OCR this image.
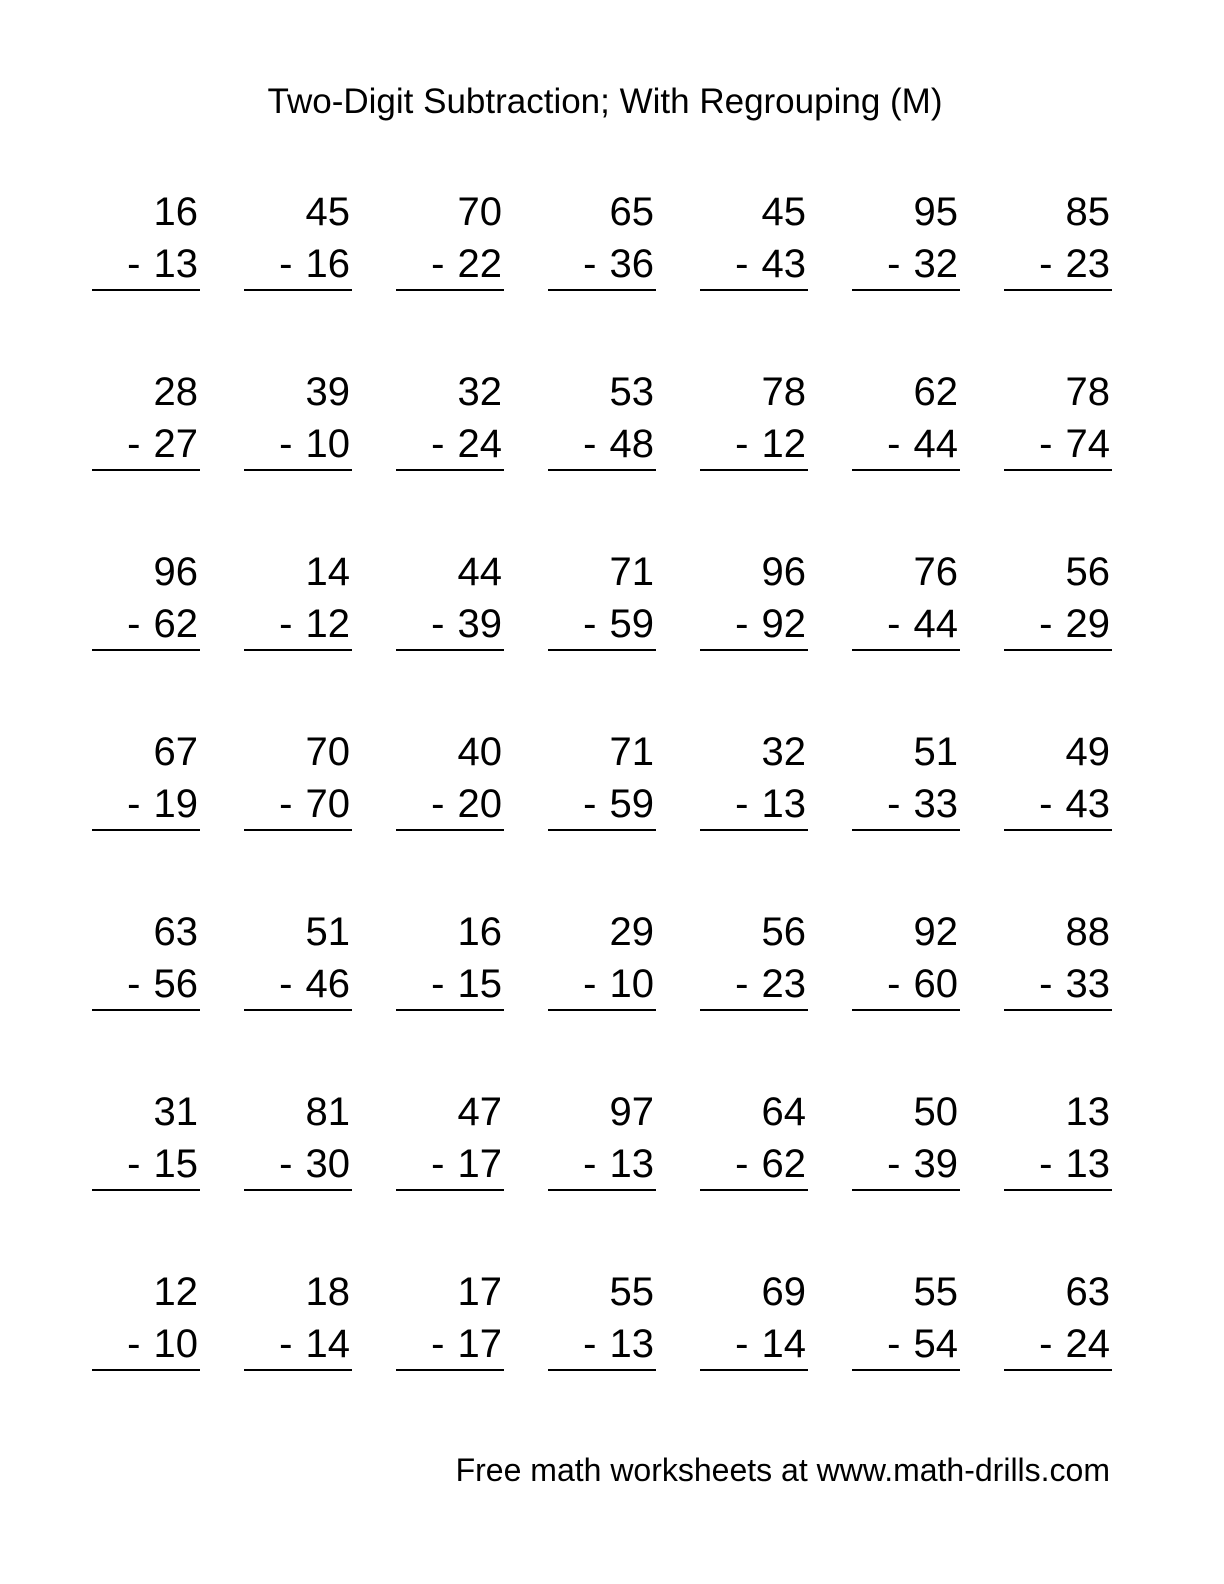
Two-Digit Subtraction; With Regrouping (M)
16
- 13
45
- 16
70
- 22
65
- 36
45
- 43
95
- 32
85
- 23
28
- 27
39
- 10
32
- 24
53
- 48
78
- 12
62
- 44
78
- 74
96
- 62
14
- 12
44
- 39
71
- 59
96
- 92
76
- 44
56
- 29
67
- 19
70
- 70
40
- 20
71
- 59
32
- 13
51
- 33
49
- 43
63
- 56
51
- 46
16
- 15
29
- 10
56
- 23
92
- 60
88
- 33
31
- 15
81
- 30
47
- 17
97
- 13
64
- 62
50
- 39
13
- 13
12
- 10
18
- 14
17
- 17
55
- 13
69
- 14
55
- 54
63
- 24
Free math worksheets at www.math-drills.com
